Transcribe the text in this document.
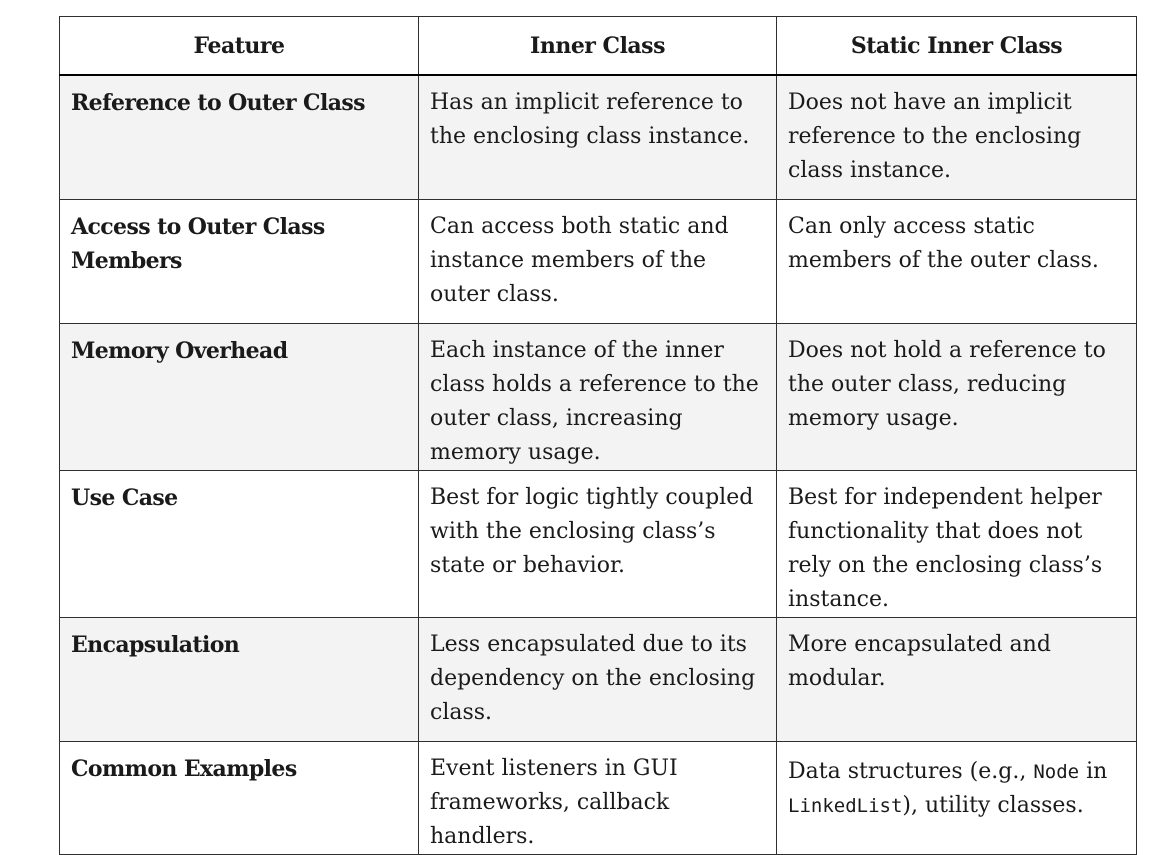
Feature	Inner Class	Static Inner Class
Reference to Outer Class	Has an implicit reference to the enclosing class instance.	Does not have an implicit reference to the enclosing class instance.
Access to Outer Class Members	Can access both static and instance members of the outer class.	Can only access static members of the outer class.
Memory Overhead	Each instance of the inner class holds a reference to the outer class, increasing memory usage.	Does not hold a reference to the outer class, reducing memory usage.
Use Case	Best for logic tightly coupled with the enclosing class’s state or behavior.	Best for independent helper functionality that does not rely on the enclosing class’s instance.
Encapsulation	Less encapsulated due to its dependency on the enclosing class.	More encapsulated and modular.
Common Examples	Event listeners in GUI frameworks, callback handlers.	Data structures (e.g., Node in LinkedList), utility classes.
